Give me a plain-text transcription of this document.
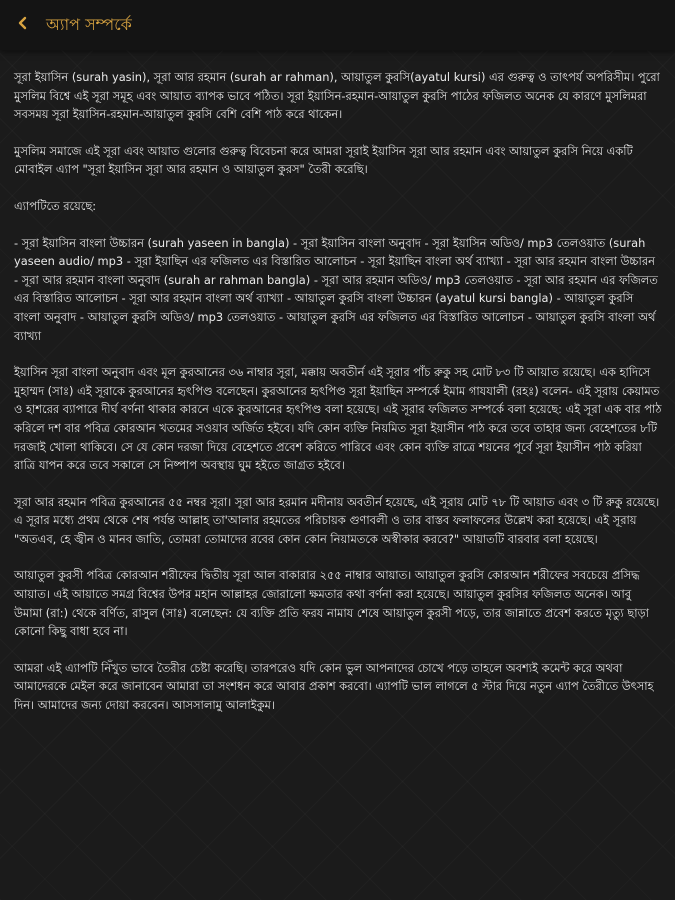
অ্যাপ সম্পর্কে

সূরা ইয়াসিন (surah yasin), সূরা আর রহমান (surah ar rahman), আয়াতুল কুরসি(ayatul kursi) এর গুরুত্ব ও তাৎপর্য অপরিসীম। পুরো মুসলিম বিশ্বে এই সূরা সমূহ এবং আয়াত ব্যাপক ভাবে পঠিত। সূরা ইয়াসিন-রহমান-আয়াতুল কুরসি পাঠের ফজিলত অনেক যে কারণে মুসলিমরা সবসময় সূরা ইয়াসিন-রহমান-আয়াতুল কুরসি বেশি বেশি পাঠ করে থাকেন।

মুসলিম সমাজে এই সূরা এবং আয়াত গুলোর গুরুত্ব বিবেচনা করে আমরা সূরাই ইয়াসিন সূরা আর রহমান এবং আয়াতুল কুরসি নিয়ে একটি মোবাইল এ্যাপ "সূরা ইয়াসিন সূরা আর রহমান ও আয়াতুল কুরস" তৈরী করেছি।

এ্যাপটিতে রয়েছে:

- সূরা ইয়াসিন বাংলা উচ্চারন (surah yaseen in bangla) - সূরা ইয়াসিন বাংলা অনুবাদ - সূরা ইয়াসিন অডিও/ mp3 তেলওয়াত (surah yaseen audio/ mp3 - সূরা ইয়াছিন এর ফজিলত এর বিস্তারিত আলোচন - সূরা ইয়াছিন বাংলা অর্থ ব্যাখ্যা - সূরা আর রহমান বাংলা উচ্চারন - সূরা আর রহমান বাংলা অনুবাদ (surah ar rahman bangla) - সূরা আর রহমান অডিও/ mp3 তেলওয়াত - সূরা আর রহমান এর ফজিলত এর বিস্তারিত আলোচন - সূরা আর রহমান বাংলা অর্থ ব্যাখ্যা - আয়াতুল কুরসি বাংলা উচ্চারন (ayatul kursi bangla) - আয়াতুল কুরসি বাংলা অনুবাদ - আয়াতুল কুরসি অডিও/ mp3 তেলওয়াত - আয়াতুল কুরসি এর ফজিলত এর বিস্তারিত আলোচন - আয়াতুল কুরসি বাংলা অর্থ ব্যাখ্যা

ইয়াসিন সূরা বাংলা অনুবাদ এবং মূল কুরআনের ৩৬ নাম্বার সূরা, মক্কায় অবতীর্ন এই সূরার পাঁচ রুকু সহ মোট ৮৩ টি আয়াত রয়েছে। এক হাদিসে মুহাম্মদ (সাঃ) এই সূরাকে কুরআনের হৃৎপিণ্ড বলেছেন। কুরআনের হৃৎপিণ্ড সূরা ইয়াছিন সম্পর্কে ইমাম গাযযালী (রহঃ) বলেন- এই সূরায় কেয়ামত ও হাশরের ব্যাপারে দীর্ঘ বর্ণনা থাকার কারনে একে কুরআনের হৃৎপিণ্ড বলা হয়েছে। এই সূরার ফজিলত সম্পর্কে বলা হয়েছে: এই সূরা এক বার পাঠ করিলে দশ বার পবিত্র কোরআন খতমের সওয়াব অর্জিত হইবে। যদি কোন ব্যক্তি নিয়মিত সূরা ইয়াসীন পাঠ করে তবে তাহার জন্য বেহেশতের ৮টি দরজাই খোলা থাকিবে। সে যে কোন দরজা দিয়ে বেহেশতে প্রবেশ করিতে পারিবে এবং কোন ব্যক্তি রাত্রে শয়নের পূর্বে সূরা ইয়াসীন পাঠ করিয়া রাত্রি যাপন করে তবে সকালে সে নিষ্পাপ অবস্থায় ঘুম হইতে জাগ্রত হইবে।

সূরা আর রহমান পবিত্র কুরআনের ৫৫ নম্বর সূরা। সূরা আর হরমান মদীনায় অবতীর্ন হয়েছে, এই সূরায় মোট ৭৮ টি আয়াত এবং ৩ টি রুকু রয়েছে। এ সূরার মধ্যে প্রথম থেকে শেষ পর্যন্ত আল্লাহ তা'আলার রহমতের পরিচায়ক গুণাবলী ও তার বাস্তব ফলাফলের উল্লেখ করা হয়েছে। এই সূরায় "অতএব, হে জ্বীন ও মানব জাতি, তোমরা তোমাদের রবের কোন কোন নিয়ামতকে অস্বীকার করবে?" আয়াতটি বারবার বলা হয়েছে।

আয়াতুল কুরসী পবিত্র কোরআন শরীফের দ্বিতীয় সূরা আল বাকারার ২৫৫ নাম্বার আয়াত। আয়াতুল কুরসি কোরআন শরীফের সবচেয়ে প্রসিদ্ধ আয়াত। এই আয়াতে সমগ্র বিশ্বের উপর মহান আল্লাহর জোরালো ক্ষমতার কথা বর্ণনা করা হয়েছে। আয়াতুল কুরসির ফজিলত অনেক। আবু উমামা (রা:) থেকে বর্ণিত, রাসুল (সাঃ) বলেছেন: যে ব্যক্তি প্রতি ফরয নামায শেষে আয়াতুল কুরসী পড়ে, তার জান্নাতে প্রবেশ করতে মৃত্যু ছাড়া কোনো কিছু বাধা হবে না।

আমরা এই এ্যাপটি নিঁখুত ভাবে তৈরীর চেষ্টা করেছি। তারপরেও যদি কোন ভুল আপনাদের চোখে পড়ে তাহলে অবশ্যই কমেন্ট করে অথবা আমাদেরকে মেইল করে জানাবেন আমারা তা সংশধন করে আবার প্রকাশ করবো। এ্যাপটি ভাল লাগলে ৫ স্টার দিয়ে নতুন এ্যাপ তৈরীতে উৎসাহ দিন। আমাদের জন্য দোয়া করবেন। আসসালামু আলাইকুম।
